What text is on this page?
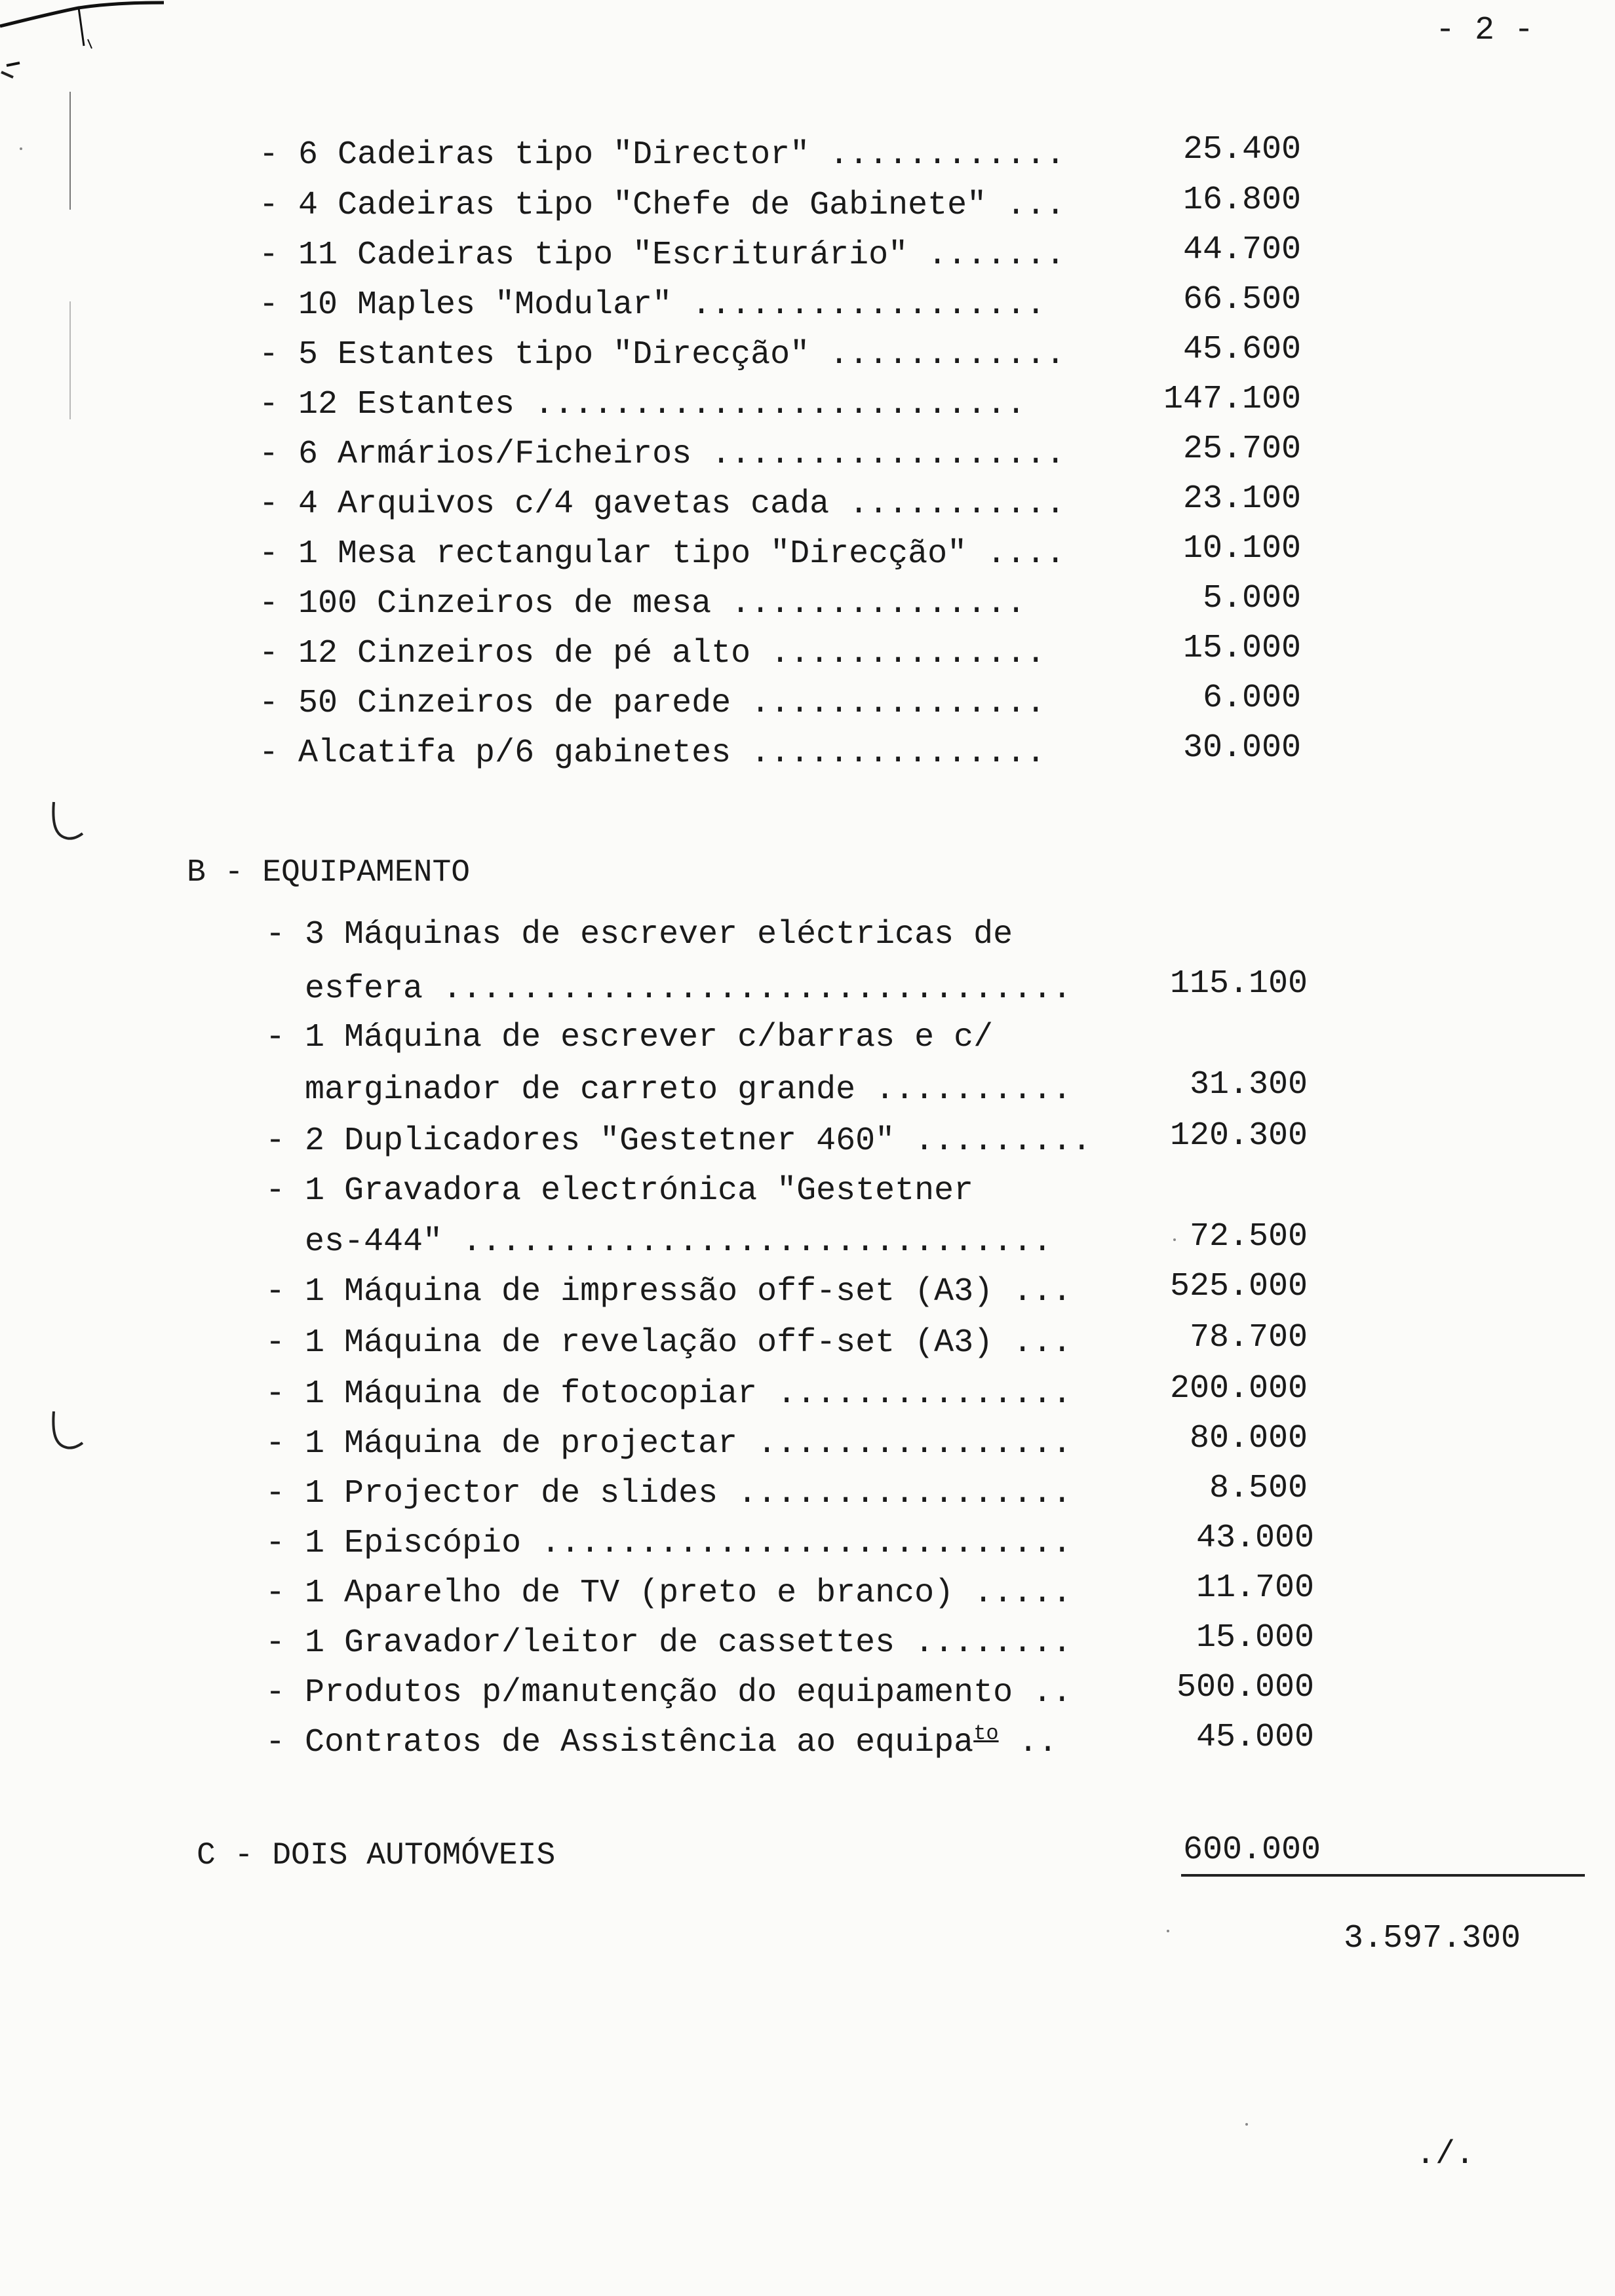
- 2 -

- 6 Cadeiras tipo "Director" ............

	25.400

- 4 Cadeiras tipo "Chefe de Gabinete" ...

	16.800

- 11 Cadeiras tipo "Escriturário" .......

	44.700

- 10 Maples "Modular" ..................

	66.500

- 5 Estantes tipo "Direcção" ............

	45.600

- 12 Estantes .........................

	147.100

- 6 Armários/Ficheiros ..................

	25.700

- 4 Arquivos c/4 gavetas cada ...........

	23.100

- 1 Mesa rectangular tipo "Direcção" ....

	10.100

- 100 Cinzeiros de mesa ...............

	5.000

- 12 Cinzeiros de pé alto ..............

	15.000

- 50 Cinzeiros de parede ...............

	6.000

- Alcatifa p/6 gabinetes ...............

	30.000

B - EQUIPAMENTO

- 3 Máquinas de escrever eléctricas de

esfera ................................

	115.100

- 1 Máquina de escrever c/barras e c/

marginador de carreto grande ..........

	31.300

- 2 Duplicadores "Gestetner 460" .........

120.300

- 1 Gravadora electrónica "Gestetner

es-444" ..............................

	72.500

- 1 Máquina de impressão off-set (A3) ...

	525.000

- 1 Máquina de revelação off-set (A3) ...

	78.700

- 1 Máquina de fotocopiar ...............

	200.000

- 1 Máquina de projectar ................

	80.000

- 1 Projector de slides .................

	8.500

- 1 Episcópio ...........................

	43.000

- 1 Aparelho de TV (preto e branco) .....

	11.700

- 1 Gravador/leitor de cassettes ........

	15.000

- Produtos p/manutenção do equipamento ..

	500.000

- Contratos de Assistência ao equipa$^{to}$ ..

	45.000

C - DOIS AUTOMÓVEIS

	600.000

3.597.300
./.
